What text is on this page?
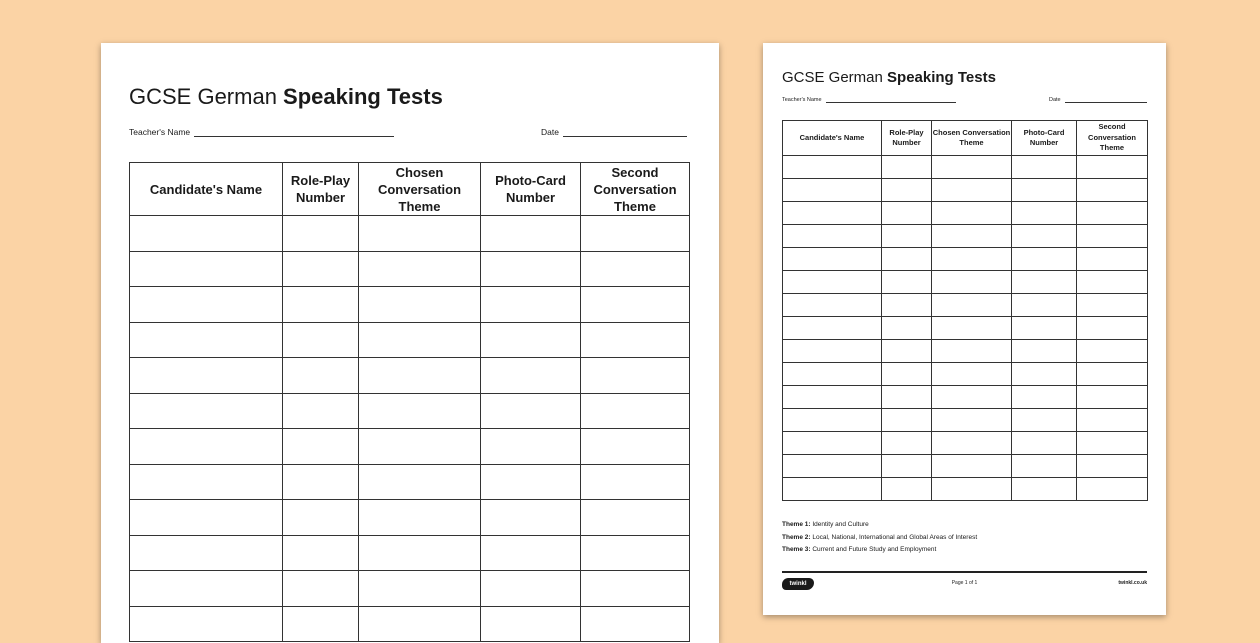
GCSE German Speaking Tests
Teacher's Name	Date
Candidate's Name	Role-Play Number	Chosen Conversation Theme	Photo-Card Number	Second Conversation Theme

GCSE German Speaking Tests
Teacher's Name	Date
Candidate's Name	Role-Play Number	Chosen Conversation Theme	Photo-Card Number	Second Conversation Theme

Theme 1: Identity and Culture
Theme 2: Local, National, International and Global Areas of Interest
Theme 3: Current and Future Study and Employment
twinkl	Page 1 of 1	twinkl.co.uk
